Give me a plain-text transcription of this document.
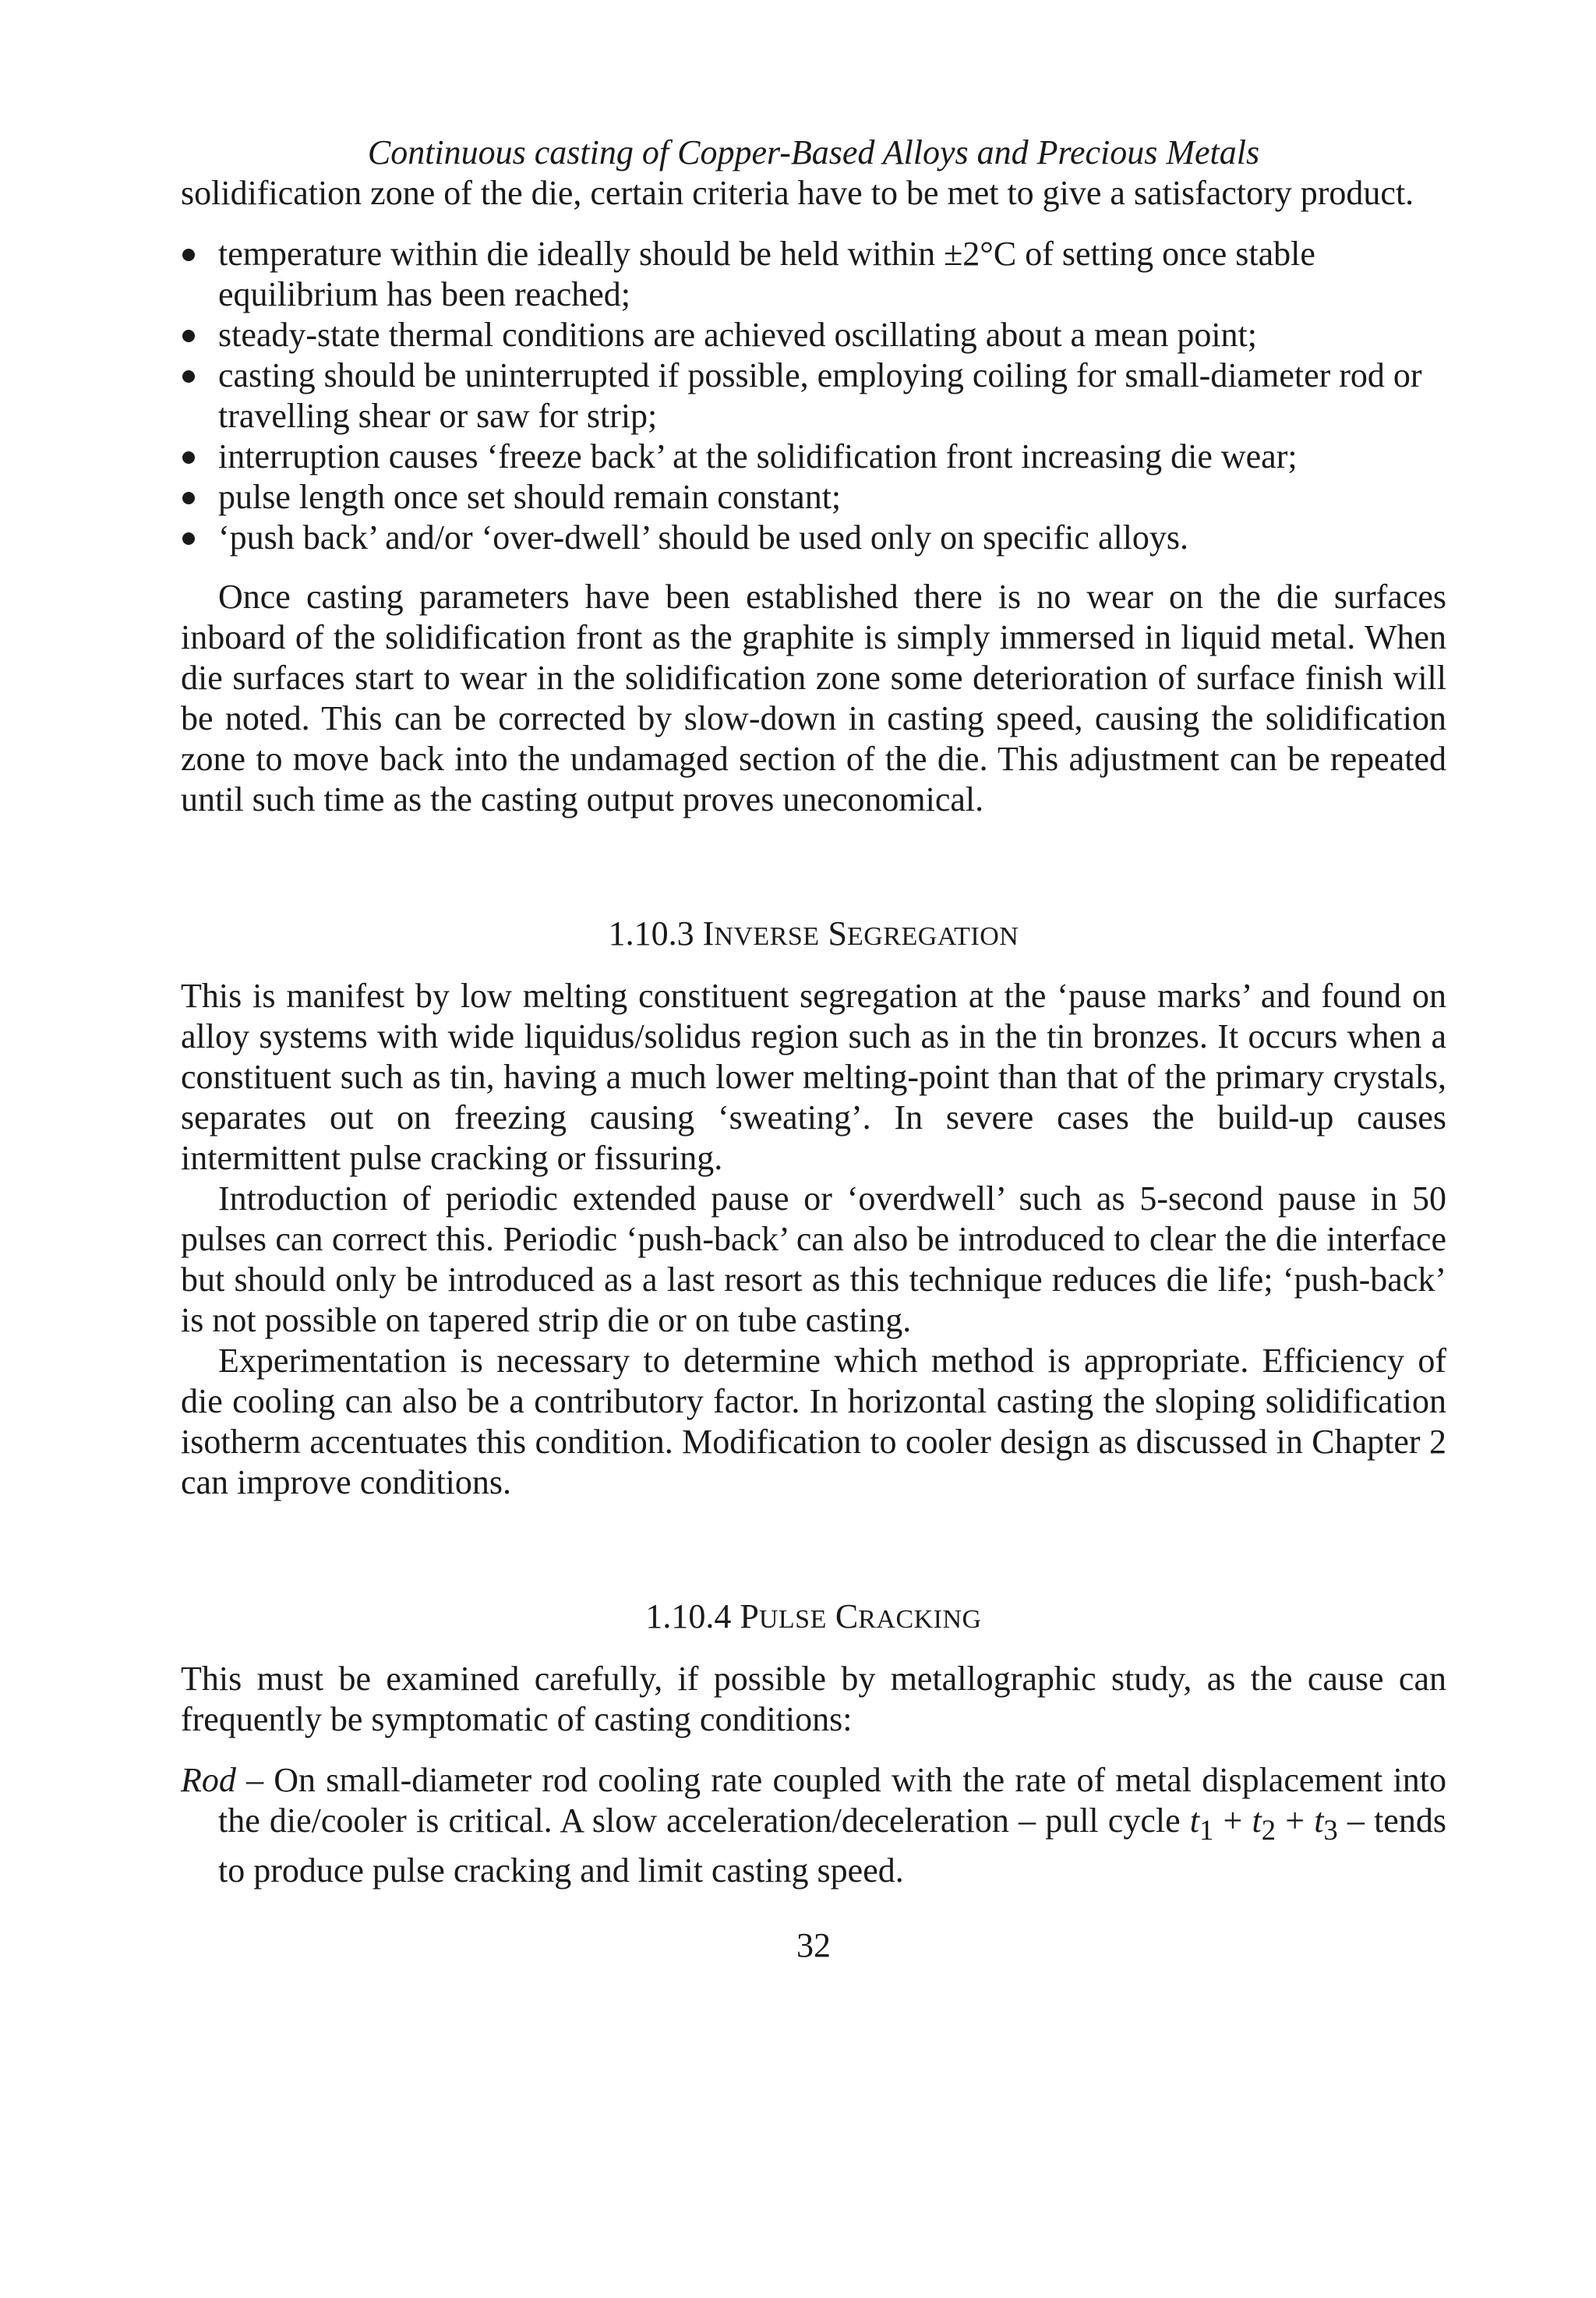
Continuous casting of Copper-Based Alloys and Precious Metals

solidification zone of the die, certain criteria have to be met to give a satisfactory product.

temperature within die ideally should be held within ±2°C of setting once stable equilibrium has been reached;
steady-state thermal conditions are achieved oscillating about a mean point;
casting should be uninterrupted if possible, employing coiling for small-diameter rod or travelling shear or saw for strip;
interruption causes ‘freeze back’ at the solidification front increasing die wear;
pulse length once set should remain constant;
‘push back’ and/or ‘over-dwell’ should be used only on specific alloys.

Once casting parameters have been established there is no wear on the die surfaces inboard of the solidification front as the graphite is simply immersed in liquid metal. When die surfaces start to wear in the solidification zone some deterioration of surface finish will be noted. This can be corrected by slow-down in casting speed, causing the solidification zone to move back into the undamaged section of the die. This adjustment can be repeated until such time as the casting output proves uneconomical.

1.10.3 INVERSE SEGREGATION

This is manifest by low melting constituent segregation at the ‘pause marks’ and found on alloy systems with wide liquidus/solidus region such as in the tin bronzes. It occurs when a constituent such as tin, having a much lower melting-point than that of the primary crystals, separates out on freezing causing ‘sweating’. In severe cases the build-up causes intermittent pulse cracking or fissuring.

Introduction of periodic extended pause or ‘overdwell’ such as 5-second pause in 50 pulses can correct this. Periodic ‘push-back’ can also be introduced to clear the die interface but should only be introduced as a last resort as this technique reduces die life; ‘push-back’ is not possible on tapered strip die or on tube casting.

Experimentation is necessary to determine which method is appropriate. Efficiency of die cooling can also be a contributory factor. In horizontal casting the sloping solidification isotherm accentuates this condition. Modification to cooler design as discussed in Chapter 2 can improve conditions.

1.10.4 PULSE CRACKING

This must be examined carefully, if possible by metallographic study, as the cause can frequently be symptomatic of casting conditions:

Rod – On small-diameter rod cooling rate coupled with the rate of metal displacement into the die/cooler is critical. A slow acceleration/deceleration – pull cycle $t_1 + t_2 + t_3$ – tends to produce pulse cracking and limit casting speed.

32
